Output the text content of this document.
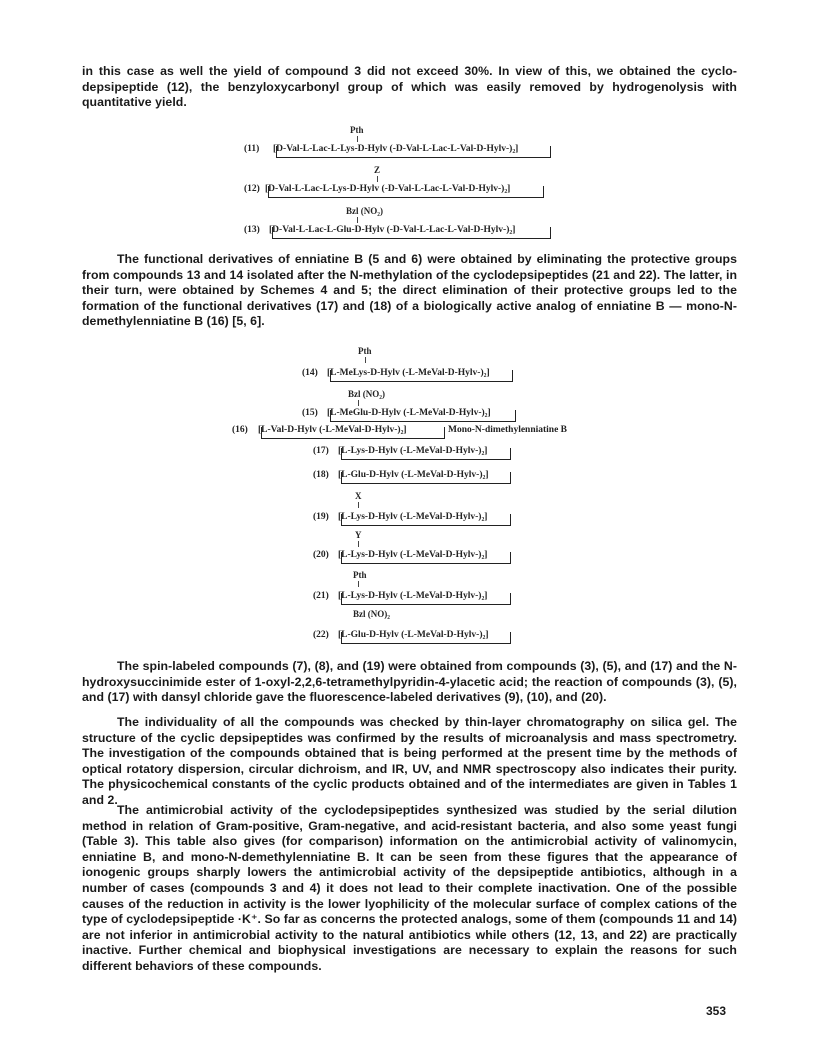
in this case as well the yield of compound 3 did not exceed 30%. In view of this, we obtained the cyclo-depsipeptide (12), the benzyloxycarbonyl group of which was easily removed by hydrogenolysis with quantitative yield.
Pth
(11) [D-Val-L-Lac-L-Lys-D-Hylv (-D-Val-L-Lac-L-Val-D-Hylv-)₂]
Z
(12) [D-Val-L-Lac-L-Lys-D-Hylv (-D-Val-L-Lac-L-Val-D-Hylv-)₂]
Bzl (NO₂)
(13) [D-Val-L-Lac-L-Glu-D-Hylv (-D-Val-L-Lac-L-Val-D-Hylv-)₂]
The functional derivatives of enniatine B (5 and 6) were obtained by eliminating the protective groups from compounds 13 and 14 isolated after the N-methylation of the cyclodepsipeptides (21 and 22). The latter, in their turn, were obtained by Schemes 4 and 5; the direct elimination of their protective groups led to the formation of the functional derivatives (17) and (18) of a biologically active analog of enniatine B — mono-N-demethylenniatine B (16) [5, 6].
Pth
(14) [L-MeLys-D-Hylv (-L-MeVal-D-Hylv-)₂]
Bzl (NO₂)
(15) [L-MeGlu-D-Hylv (-L-MeVal-D-Hylv-)₂]
(16) [L-Val-D-Hylv (-L-MeVal-D-Hylv-)₂]	Mono-N-dimethylenniatine B
(17) [L-Lys-D-Hylv (-L-MeVal-D-Hylv-)₂]
(18) [L-Glu-D-Hylv (-L-MeVal-D-Hylv-)₂]
X
(19) [L-Lys-D-Hylv (-L-MeVal-D-Hylv-)₂]
Y
(20) [L-Lys-D-Hylv (-L-MeVal-D-Hylv-)₂]
Pth
(21) [L-Lys-D-Hylv (-L-MeVal-D-Hylv-)₂]
Bzl (NO)₂
(22) [L-Glu-D-Hylv (-L-MeVal-D-Hylv-)₂]
The spin-labeled compounds (7), (8), and (19) were obtained from compounds (3), (5), and (17) and the N-hydroxysuccinimide ester of 1-oxyl-2,2,6-tetramethylpyridin-4-ylacetic acid; the reaction of compounds (3), (5), and (17) with dansyl chloride gave the fluorescence-labeled derivatives (9), (10), and (20).
The individuality of all the compounds was checked by thin-layer chromatography on silica gel. The structure of the cyclic depsipeptides was confirmed by the results of microanalysis and mass spectrometry. The investigation of the compounds obtained that is being performed at the present time by the methods of optical rotatory dispersion, circular dichroism, and IR, UV, and NMR spectroscopy also indicates their purity. The physicochemical constants of the cyclic products obtained and of the intermediates are given in Tables 1 and 2.
The antimicrobial activity of the cyclodepsipeptides synthesized was studied by the serial dilution method in relation of Gram-positive, Gram-negative, and acid-resistant bacteria, and also some yeast fungi (Table 3). This table also gives (for comparison) information on the antimicrobial activity of valinomycin, enniatine B, and mono-N-demethylenniatine B. It can be seen from these figures that the appearance of ionogenic groups sharply lowers the antimicrobial activity of the depsipeptide antibiotics, although in a number of cases (compounds 3 and 4) it does not lead to their complete inactivation. One of the possible causes of the reduction in activity is the lower lyophilicity of the molecular surface of complex cations of the type of cyclodepsipeptide ·K⁺. So far as concerns the protected analogs, some of them (compounds 11 and 14) are not inferior in antimicrobial activity to the natural antibiotics while others (12, 13, and 22) are practically inactive. Further chemical and biophysical investigations are necessary to explain the reasons for such different behaviors of these compounds.
353
